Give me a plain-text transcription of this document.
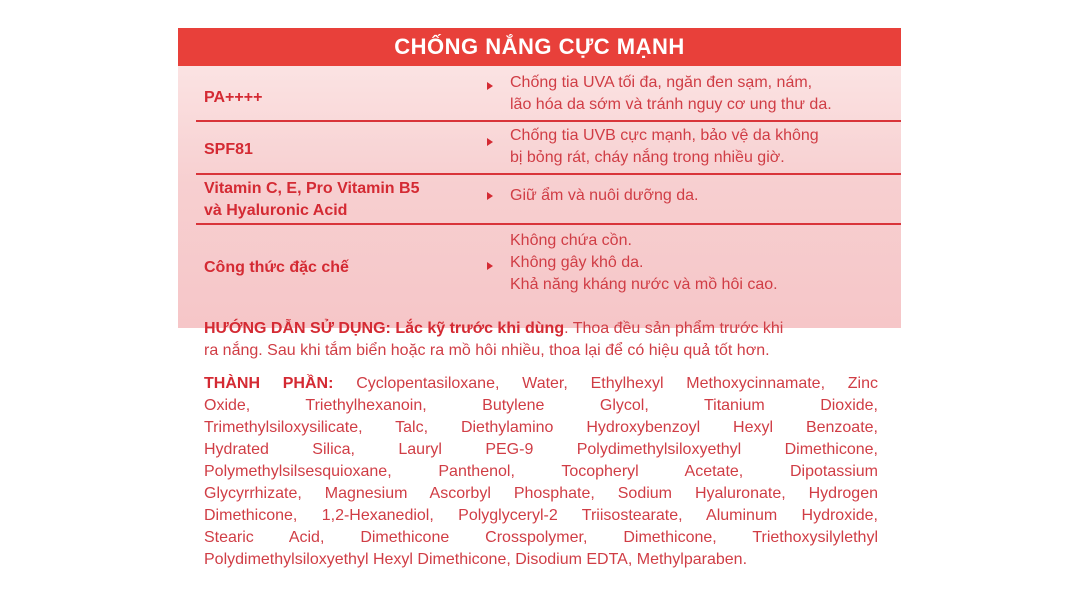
CHỐNG NẮNG CỰC MẠNH
PA++++
Chống tia UVA tối đa, ngăn đen sạm, nám,
lão hóa da sớm và tránh nguy cơ ung thư da.
SPF81
Chống tia UVB cực mạnh, bảo vệ da không
bị bỏng rát, cháy nắng trong nhiều giờ.
Vitamin C, E, Pro Vitamin B5
và Hyaluronic Acid
Giữ ẩm và nuôi dưỡng da.
Công thức đặc chế
Không chứa cồn.
Không gây khô da.
Khả năng kháng nước và mồ hôi cao.
HƯỚNG DẪN SỬ DỤNG: Lắc kỹ trước khi dùng. Thoa đều sản phẩm trước khi
ra nắng. Sau khi tắm biển hoặc ra mồ hôi nhiều, thoa lại để có hiệu quả tốt hơn.
THÀNH PHẦN: Cyclopentasiloxane, Water, Ethylhexyl Methoxycinnamate, Zinc
Oxide, Triethylhexanoin, Butylene Glycol, Titanium Dioxide,
Trimethylsiloxysilicate, Talc, Diethylamino Hydroxybenzoyl Hexyl Benzoate,
Hydrated Silica, Lauryl PEG-9 Polydimethylsiloxyethyl Dimethicone,
Polymethylsilsesquioxane, Panthenol, Tocopheryl Acetate, Dipotassium
Glycyrrhizate, Magnesium Ascorbyl Phosphate, Sodium Hyaluronate, Hydrogen
Dimethicone, 1,2-Hexanediol, Polyglyceryl-2 Triisostearate, Aluminum Hydroxide,
Stearic Acid, Dimethicone Crosspolymer, Dimethicone, Triethoxysilylethyl
Polydimethylsiloxyethyl Hexyl Dimethicone, Disodium EDTA, Methylparaben.
